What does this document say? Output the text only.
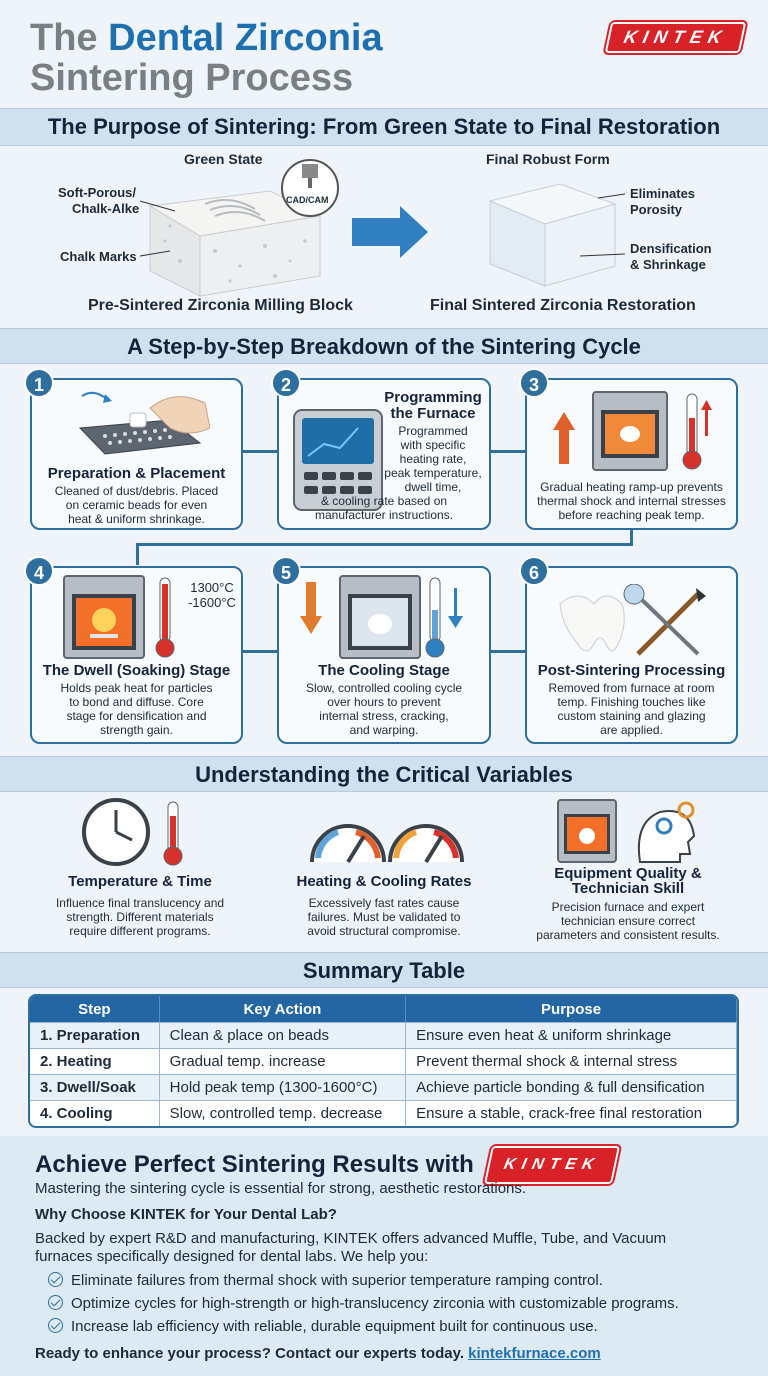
The Dental Zirconia
Sintering Process
KINTEK
The Purpose of Sintering: From Green State to Final Restoration
Green State
Soft-Porous/
Chalk-Alke
Chalk Marks
CAD/CAM
Pre-Sintered Zirconia Milling Block
Final Robust Form
Eliminates
Porosity
Densification
& Shrinkage
Final Sintered Zirconia Restoration
A Step-by-Step Breakdown of the Sintering Cycle
1
Preparation & Placement
Cleaned of dust/debris. Placed
on ceramic beads for even
heat & uniform shrinkage.
2
Programming
the Furnace
Programmed
with specific
heating rate,
peak temperature,
dwell time,
& cooling rate based on
manufacturer instructions.
3
Gradual heating ramp-up prevents
thermal shock and internal stresses
before reaching peak temp.
4
1300°C
-1600°C
The Dwell (Soaking) Stage
Holds peak heat for particles
to bond and diffuse. Core
stage for densification and
strength gain.
5
The Cooling Stage
Slow, controlled cooling cycle
over hours to prevent
internal stress, cracking,
and warping.
6
Post-Sintering Processing
Removed from furnace at room
temp. Finishing touches like
custom staining and glazing
are applied.
Understanding the Critical Variables
Temperature & Time
Influence final translucency and
strength. Different materials
require different programs.
Heating & Cooling Rates
Excessively fast rates cause
failures. Must be validated to
avoid structural compromise.
Equipment Quality &
Technician Skill
Precision furnace and expert
technician ensure correct
parameters and consistent results.
Summary Table
Step	Key Action	Purpose
1. Preparation	Clean & place on beads	Ensure even heat & uniform shrinkage
2. Heating	Gradual temp. increase	Prevent thermal shock & internal stress
3. Dwell/Soak	Hold peak temp (1300-1600°C)	Achieve particle bonding & full densification
4. Cooling	Slow, controlled temp. decrease	Ensure a stable, crack-free final restoration
Achieve Perfect Sintering Results with KINTEK
Mastering the sintering cycle is essential for strong, aesthetic restorations.
Why Choose KINTEK for Your Dental Lab?
Backed by expert R&D and manufacturing, KINTEK offers advanced Muffle, Tube, and Vacuum
furnaces specifically designed for dental labs. We help you:
Eliminate failures from thermal shock with superior temperature ramping control.
Optimize cycles for high-strength or high-translucency zirconia with customizable programs.
Increase lab efficiency with reliable, durable equipment built for continuous use.
Ready to enhance your process? Contact our experts today. kintekfurnace.com
